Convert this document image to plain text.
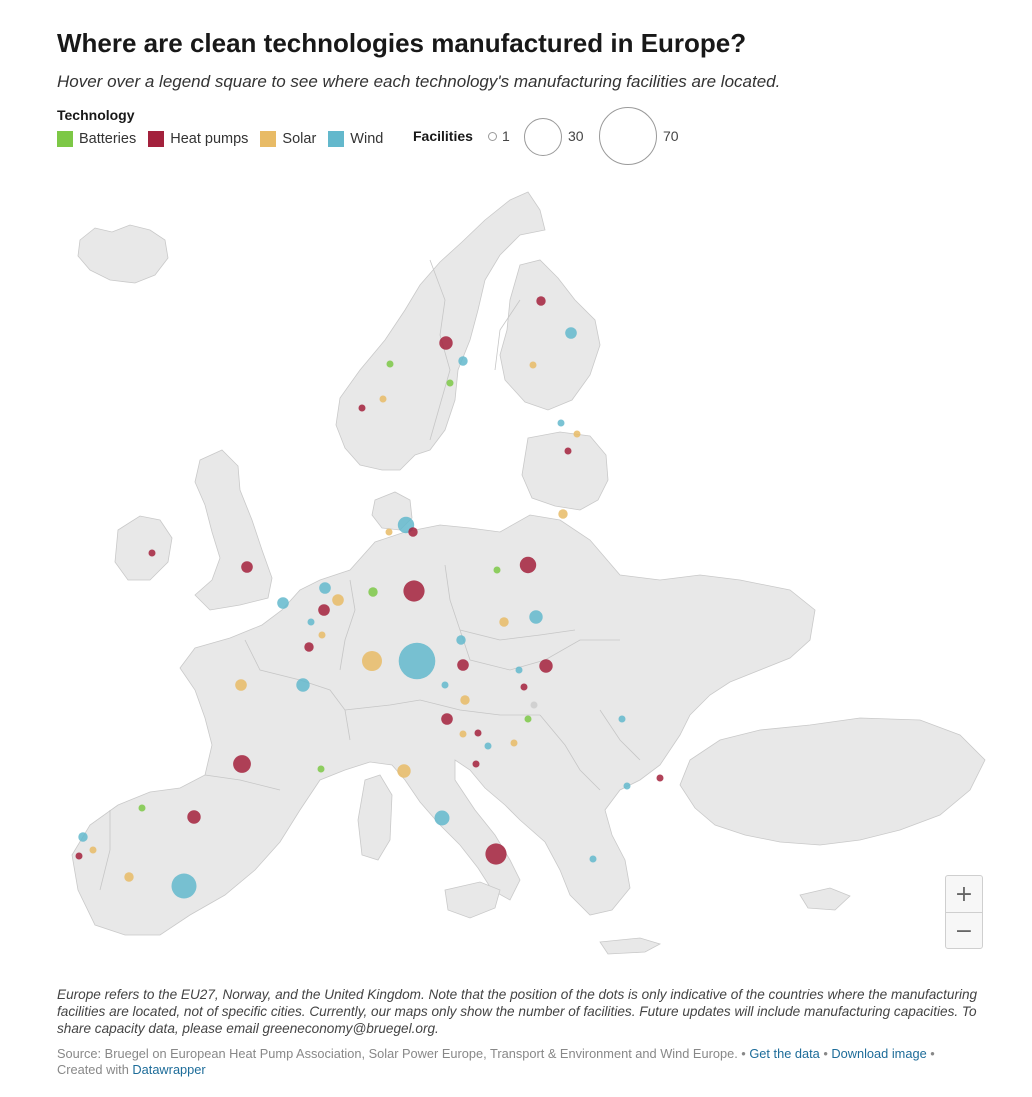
Where are clean technologies manufactured in Europe?
Hover over a legend square to see where each technology's manufacturing facilities are located.
Technology
Batteries Heat pumps Solar Wind Facilities 1	30	70
+
−
Europe refers to the EU27, Norway, and the United Kingdom. Note that the position of the dots is only indicative of the countries where the manufacturing facilities are located, not of specific cities. Currently, our maps only show the number of facilities. Future updates will include manufacturing capacities. To share capacity data, please email greeneconomy@bruegel.org.
Source: Bruegel on European Heat Pump Association, Solar Power Europe, Transport & Environment and Wind Europe. • Get the data • Download image •
Created with Datawrapper
